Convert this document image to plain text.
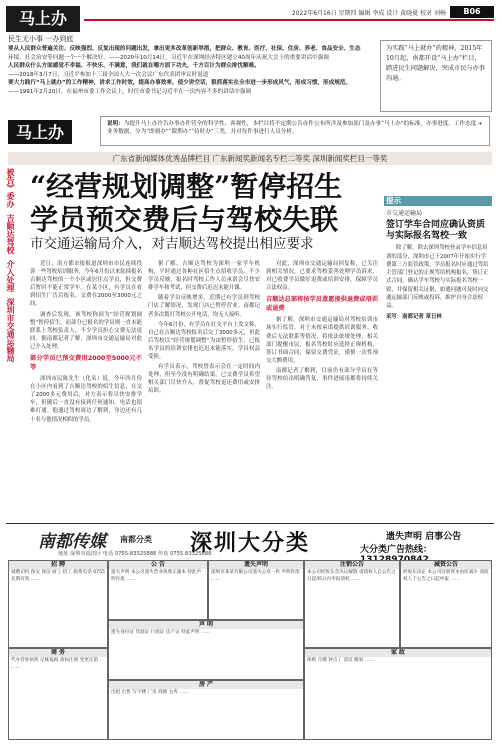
马上办
民生无小事 一办到底
2022年6月16日 星期四 编辑 李成 设计 黄晓曼 校对 刘畅	B06
要从人民群众普遍关注、反映强烈、反复出现的问题出发，拿出更多改革创新举措，把群众、教育、医疗、社保、住房、养老、食品安全、生态
环境、社会治安等问题一个一个解决好。——2020年10月14日，习近平在深圳经济特区建立40周年庆祝大会上的重要讲话中强调
人民群众什么方面感觉不幸福、不快乐、不满意，我们就在哪方面下功夫，千方百计为群众排忧解难。
——2018年3月7日，习近平参加十三届全国人大一次会议广东代表团审议时说道
要大力践行“马上就办”的工作精神，讲求工作时效，提高办事效率，使少讲空话，狠抓落实在全市进一步形成风气，形成习惯，形成规范。
——1991年2月20日，在福州市委工作会议上，时任市委书记习近平在一次内容不多的讲话中强调
为实践“马上就办”的精神，2015年10月起，南都开设“马上办”栏目，踏进民生问题解决，突成市民与办事沟通。
马上办	说明：为提升马上办许告办事办件营全的科学性、客观性，本栏目将不定期公告办件公布所涉及参加部门及办事“马上办”的标准，办事进度，工作态度 + 业务数据，分为“即刻办”“限期办”“待时办”三类，并对每件事进行人员分析。
广东省新闻媒体优秀品牌栏目 广东新闻奖新闻名专栏二等奖 深圳新闻奖栏目一等奖
被告》委办
吉顺达驾校
介入处理
深圳市交通运输局
“经营规划调整”暂停招生
学员预交费后与驾校失联
市交通运输局介入，对吉顺达驾校提出相应要求

近日，南方都市报报道深圳市市民连续投诉一些驾校培训服务，今年6月份以来陆续报名吉顺达驾校的一个小区或居住点学员，但交费后暂时不能正常学车。在某小区，有学员在看到招生广告后报名，交费在2000至3000元之间。

调查后发现，该驾校称因为“经营规划调整”暂停招生，而部分已报名的学员则一直未能联系上驾校负责人，不少学员担心交费无法退回。据南都记者了解，深圳市交通运输局对此已介入处理。

部分学员已预交费用2000至5000元不等

深圳市民陈先生（化名）说，今年四月份在小区内看到了吉顺达驾校的招生信息，在交了2000多元费用后，对方表示将尽快安排学车，但随后一直没有接到任何通知，电话也很难打通。他通过驾校周边了解到，身边还有几十名与他情况相似的学员。

据了解，吉顺达驾校为深圳一家学车机构，平时通过各种社区招生点招收学员。不少学员反映，报名时驾校工作人员承诺会尽快安排学车和考试，但交费后迟迟未能开课。

随着学员反映增多，近期已有学员到驾校门店了解情况，发现门店已暂停营业。南都记者多次拨打驾校公开电话，均无人接听。

今年6月份，有学员在社交平台上发文称，自己在吉顺达驾校报名后交了3000多元，但此后驾校以“经营规划调整”为由暂停招生，已报名学员的培训安排也迟迟未能落实，学员权益受损。

有学员表示，驾校曾表示会在一定时间内处理，但至今没有明确结果。已交费学员希望相关部门尽快介入，督促驾校退还费用或安排培训。

对此，深圳市交通运输局回复称，已关注到相关情况，已要求驾校妥善处理学员诉求，对已收费学员做好退费或培训安排，保障学员合法权益。

吉顺达总部将按学员意愿提供退费或培训或退费

据了解，深圳市交通运输局对驾校培训市场实行监管，对于未按承诺提供培训服务、收费后无法联系等情况，将依法依规处理。相关部门提醒市民，报名驾校时应选择正规机构，签订书面合同，保留交费凭证，谨慎一次性预交大额费用。

南都记者了解到，目前仍有部分学员在等待驾校给出明确答复，事件进展南都将持续关注。

提示
市交通运输局
签订学车合同应确认资质与实际报名驾校一致

除了解，除去深圳驾校登录学车信息培训的部分，深圳市已于2007年开始实行学费第三方监管政策，学员报名时应通过驾培主管部门登记的正规驾培机构报名，签订正式合同，确认学车驾校与实际报名驾校一致，并保留相关证据，如遇问题可及时向交通运输部门反映或投诉，维护自身合法权益。

采写：南都记者 章日林
南都传媒 南都分类
地址 深圳市福田区 电话 0755-83325888 传真 0755-83325888
深圳大分类	遗失声明 启事公告
大分类广告热线：
招 聘
诚聘司机 保安 保洁 厨工 招工 联系电话 0755 长期有效 ……
公 告
遗失声明 本公司遗失营业执照正副本 特此声明作废 ……
遗失声明
深圳市某某有限公司遗失公章一枚 声明作废 ……
注销公告
本公司经股东会决议解散 请债权人自公告之日起45日内申报债权 ……
减资公告
经股东决定 本公司注册资本由原减少 请债权人于公告之日起申报 ……
声 明
遗失身份证 驾驶证 行驶证 房产证 特此声明 ……
商 务
代办营业执照 记账报税 商标注册 变更注销 ……
房 产
出租 出售 写字楼 厂房 商铺 仓库 ……
家 政
保姆 月嫂 钟点工 清洁 搬家 ……
